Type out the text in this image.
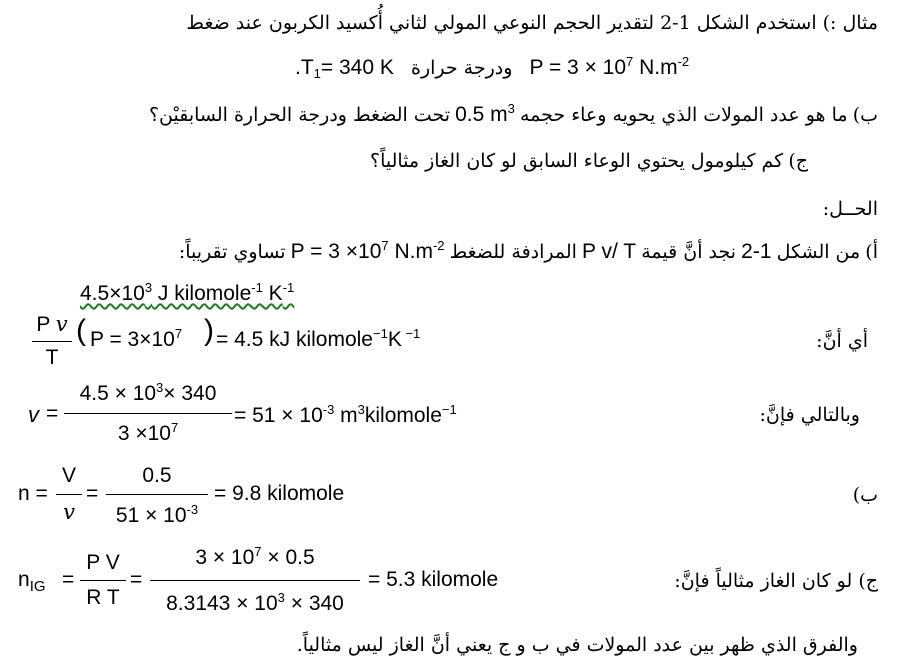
مثال :) استخدم الشكل 1-2 لتقدير الحجم النوعي المولي لثاني أُكسيد الكربون عند ضغط
$.T_1= 340$ K ودرجة حرارة $P = 3 \times 10^7$ $N.m^{-2}$
ب) ما هو عدد المولات الذي يحويه وعاء حجمه 0.5 $m^3$ تحت الضغط ودرجة الحرارة السابقيْن؟
ج) كم كيلومول يحتوي الوعاء السابق لو كان الغاز مثالياً؟
الحــل:
أ) من الشكل 1-2 نجد أنَّ قيمة P v/ T المرادفة للضغط $P = 3 \times 10^7$ $N.m^{-2}$ تساوي تقريباً:
$4.5\times 10^3$ J kilomole$^{-1}$ $K^{-1}$
P v
T
( $P = 3\times 10^7$ ) = 4.5 kJ kilomole$^{-1}$K $^{-1}$	أي أنَّ:
v =
$4.5 \times 10^3\times 340$
$3 \times 10^7$
= $51 \times 10^{-3}$ $m^3kilomole^{-1}$	وبالتالي فإنَّ:
n =
V
v
=
0.5
$51 \times 10^{-3}$
= 9.8 kilomole	ب)
$n_{IG}$ =
P V
R T
=
$3 \times 10^7 \times 0.5$
$8.3143 \times 10^3 \times 340$
= 5.3 kilomole	ج) لو كان الغاز مثالياً فإنَّ:
والفرق الذي ظهر بين عدد المولات في ب و ج يعني أنَّ الغاز ليس مثالياً.
